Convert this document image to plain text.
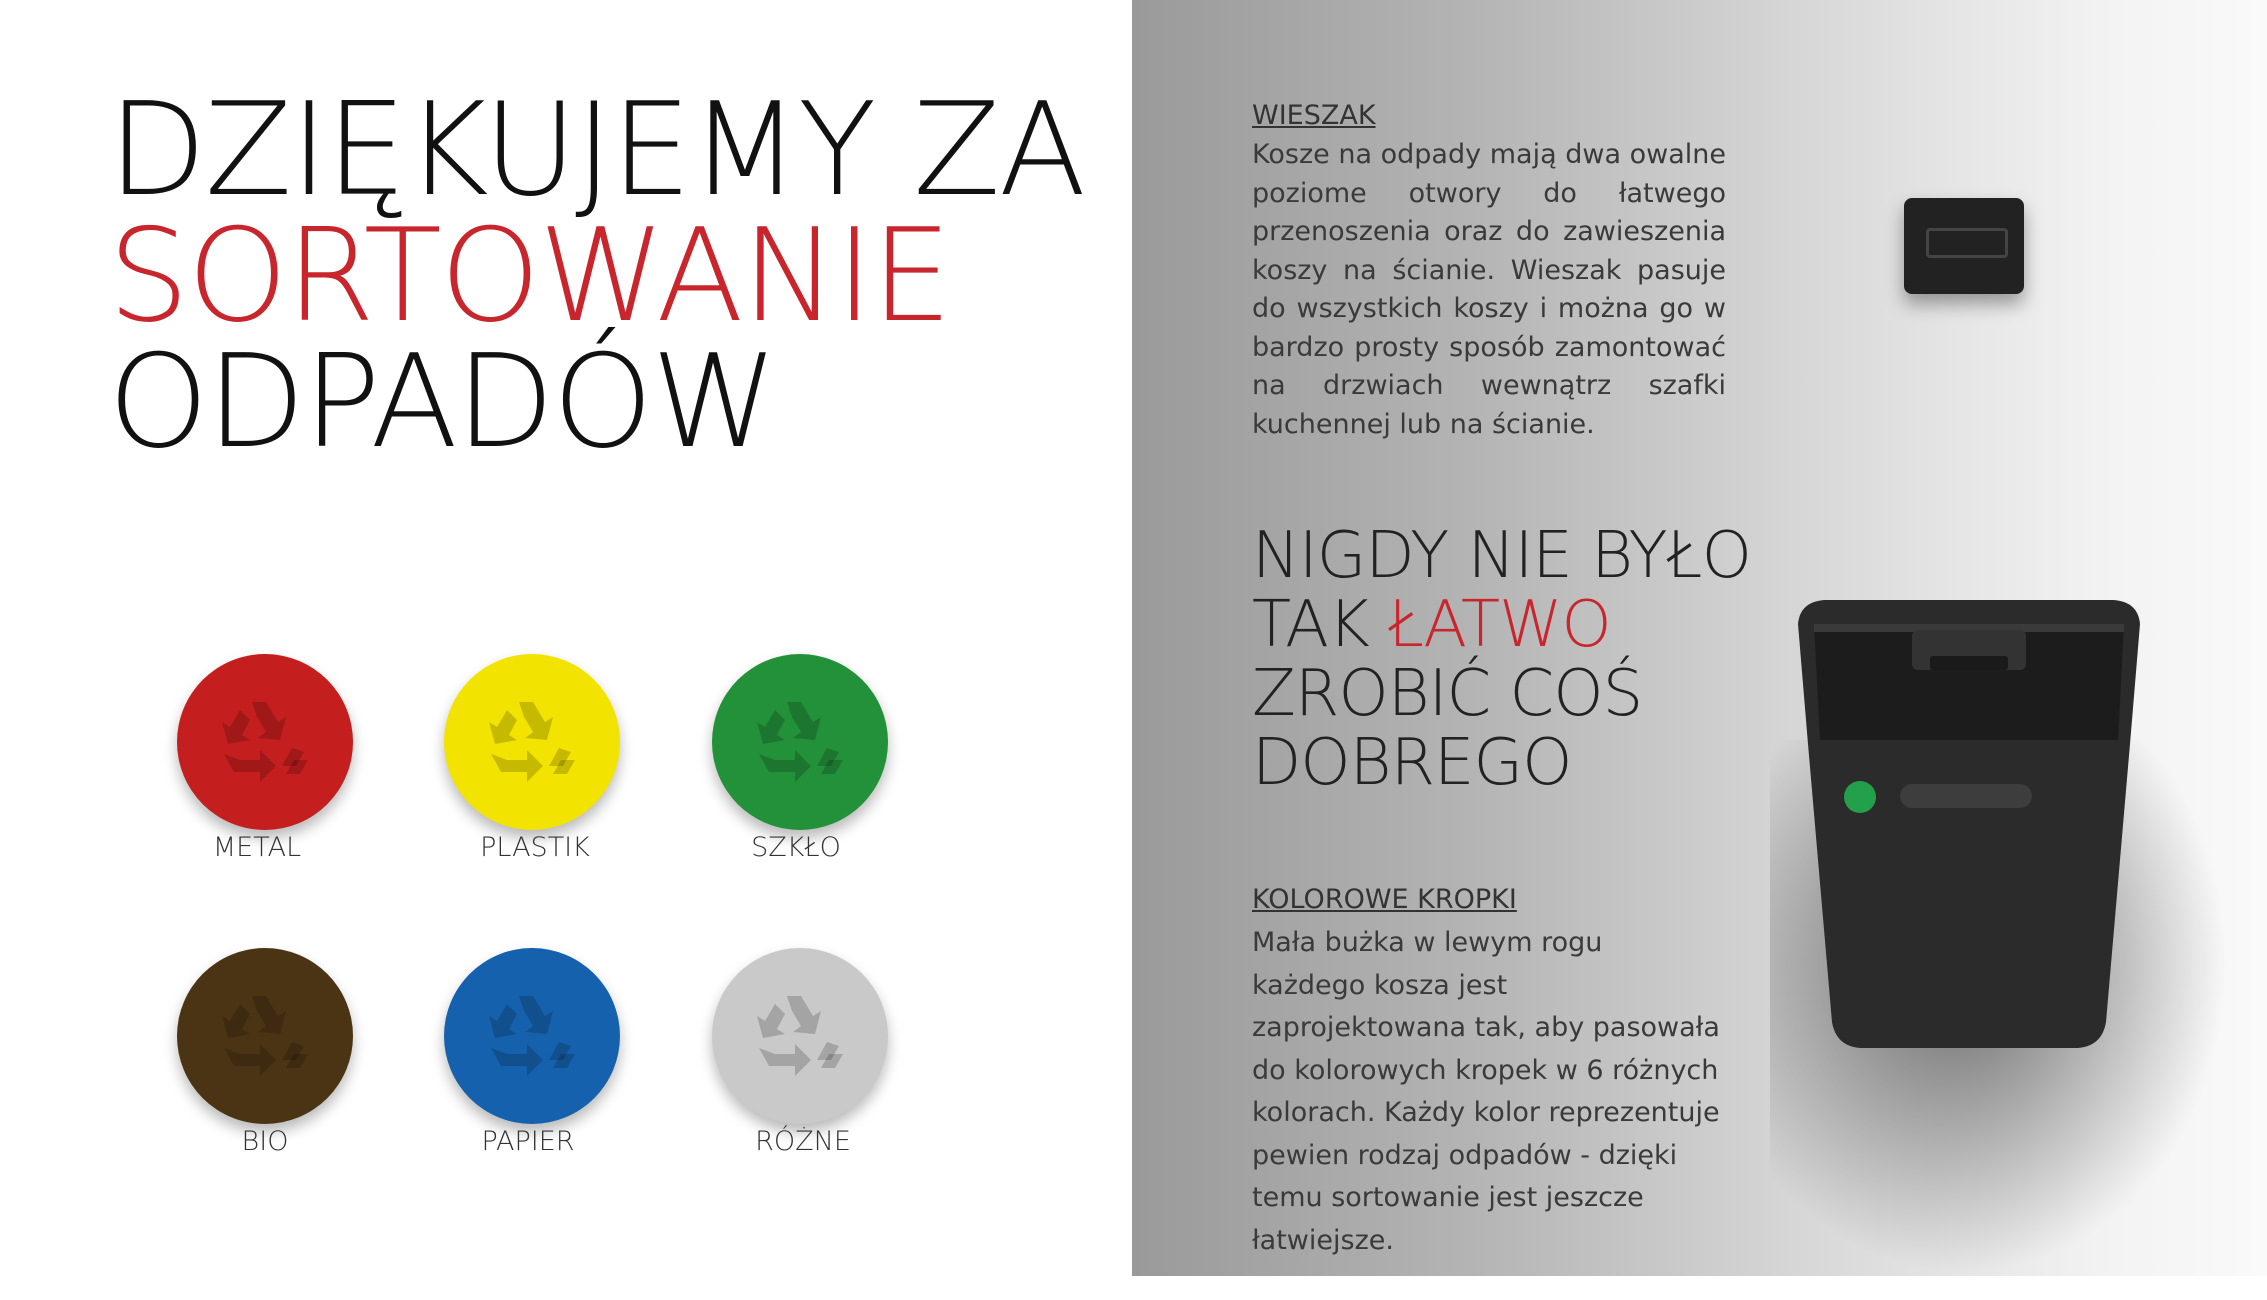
DZIĘKUJEMY ZA
SORTOWANIE
ODPADÓW
METAL	PLASTIK	SZKŁO
BIO	PAPIER	RÓŻNE
WIESZAK
Kosze na odpady mają dwa owalne poziome otwory do łatwego przenoszenia oraz do zawieszenia koszy na ścianie. Wieszak pasuje do wszystkich koszy i można go w bardzo prosty sposób zamontować na drzwiach wewnątrz szafki kuchennej lub na ścianie.
NIGDY NIE BYŁO
TAK ŁATWO
ZROBIĆ COŚ
DOBREGO
KOLOROWE KROPKI
Mała bużka w lewym rogu każdego kosza jest zaprojektowana tak, aby pasowała do kolorowych kropek w 6 różnych kolorach. Każdy kolor reprezentuje pewien rodzaj odpadów - dzięki temu sortowanie jest jeszcze łatwiejsze.
